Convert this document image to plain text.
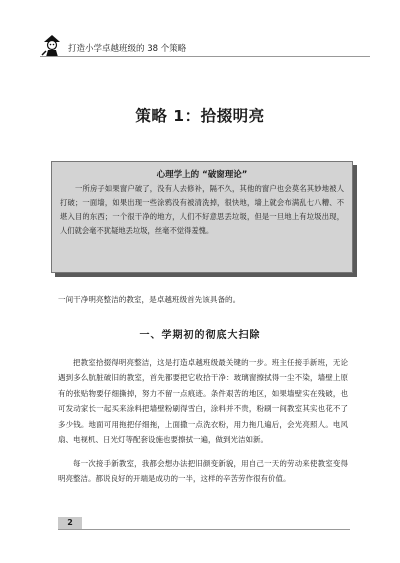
打造小学卓越班级的 38 个策略
策略 1：拾掇明亮
心理学上的 “破窗理论”
一所房子如果窗户破了，没有人去修补，隔不久，其他的窗户也会莫名其妙地被人打破；一面墙，如果出现一些涂鸦没有被清洗掉，很快地，墙上就会布满乱七八糟、不堪入目的东西；一个很干净的地方，人们不好意思丢垃圾，但是一旦地上有垃圾出现，人们就会毫不犹疑地丢垃圾，丝毫不觉得羞愧。
一间干净明亮整洁的教室，是卓越班级首先该具备的。
一、学期初的彻底大扫除
把教室拾掇得明亮整洁，这是打造卓越班级最关键的一步。班主任接手新班，无论遇到多么肮脏破旧的教室，首先都要把它收拾干净：玻璃窗擦拭得一尘不染，墙壁上原有的张贴物要仔细撕掉，努力不留一点痕迹。条件艰苦的地区，如果墙壁实在残破，也可发动家长一起买来涂料把墙壁粉刷得雪白，涂料并不贵，粉刷一间教室其实也花不了多少钱。地面可用拖把仔细拖，上面撒一点洗衣粉，用力拖几遍后，会光亮照人。电风扇、电视机、日光灯等配套设施也要擦拭一遍，做到光洁如新。
每一次接手新教室，我都会想办法把旧颜变新貌，用自己一天的劳动来使教室变得明亮整洁。都说良好的开端是成功的一半，这样的辛苦劳作很有价值。
2
